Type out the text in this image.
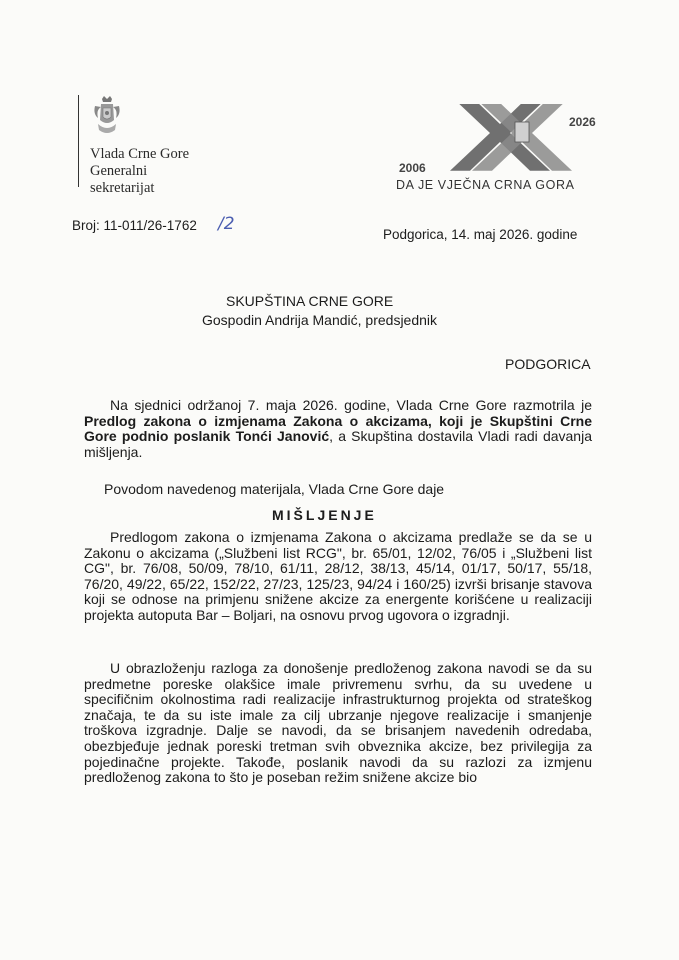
Vlada Crne Gore
Generalni
sekretarijat
2006
2026
DA JE VJEČNA CRNA GORA
Broj: 11-011/26-1762 /2
Podgorica, 14. maj 2026. godine
SKUPŠTINA CRNE GORE
Gospodin Andrija Mandić, predsjednik
PODGORICA
Na sjednici održanoj 7. maja 2026. godine, Vlada Crne Gore razmotrila je Predlog zakona o izmjenama Zakona o akcizama, koji je Skupštini Crne Gore podnio poslanik Tonći Janović, a Skupština dostavila Vladi radi davanja mišljenja.
Povodom navedenog materijala, Vlada Crne Gore daje
MIŠLJENJE
Predlogom zakona o izmjenama Zakona o akcizama predlaže se da se u Zakonu o akcizama („Službeni list RCG", br. 65/01, 12/02, 76/05 i „Službeni list CG", br. 76/08, 50/09, 78/10, 61/11, 28/12, 38/13, 45/14, 01/17, 50/17, 55/18, 76/20, 49/22, 65/22, 152/22, 27/23, 125/23, 94/24 i 160/25) izvrši brisanje stavova koji se odnose na primjenu snižene akcize za energente korišćene u realizaciji projekta autoputa Bar – Boljari, na osnovu prvog ugovora o izgradnji.
U obrazloženju razloga za donošenje predloženog zakona navodi se da su predmetne poreske olakšice imale privremenu svrhu, da su uvedene u specifičnim okolnostima radi realizacije infrastrukturnog projekta od strateškog značaja, te da su iste imale za cilj ubrzanje njegove realizacije i smanjenje troškova izgradnje. Dalje se navodi, da se brisanjem navedenih odredaba, obezbjeđuje jednak poreski tretman svih obveznika akcize, bez privilegija za pojedinačne projekte. Takođe, poslanik navodi da su razlozi za izmjenu predloženog zakona to što je poseban režim snižene akcize bio
